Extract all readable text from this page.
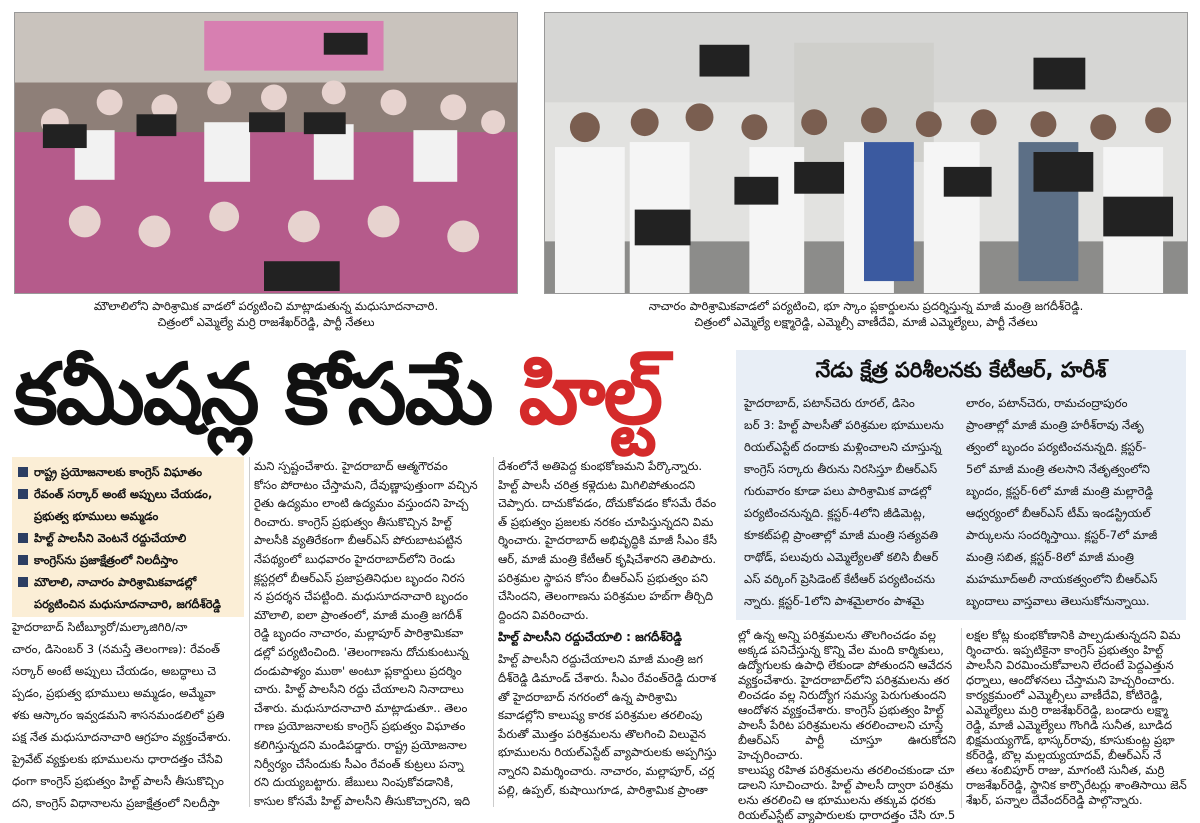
మౌలాలిలోని పారిశ్రామిక వాడలో పర్యటించి మాట్లాడుతున్న మధుసూదనాచారి.
చిత్రంలో ఎమ్మెల్యే మర్రి రాజశేఖర్‌రెడ్డి, పార్టీ నేతలు
నాచారం పారిశ్రామికవాడలో పర్యటించి, భూ స్కాం ప్లకార్డులను ప్రదర్శిస్తున్న మాజీ మంత్రి జగదీశ్‌రెడ్డి.
చిత్రంలో ఎమ్మెల్యే లక్ష్మారెడ్డి, ఎమ్మెల్సీ వాణీదేవి, మాజీ ఎమ్మెల్యేలు, పార్టీ నేతలు
కమీషన్ల కోసమే హిల్ట్	నేడు క్షేత్ర పరిశీలనకు కేటీఆర్, హరీశ్
హైదరాబాద్, పటాన్‌చెరు రూరల్, డిసెం
బర్ 3: హిల్ట్ పాలసీతో పరిశ్రమల భూములను
రియల్‌ఎస్టేట్ దందాకు మళ్లించాలని చూస్తున్న
కాంగ్రెస్ సర్కారు తీరును నిరసిస్తూ బీఆర్ఎస్
గురువారం కూడా పలు పారిశ్రామిక వాడల్లో
పర్యటించనున్నది. క్లస్టర్-4లోని జీడిమెట్ల,
కూకట్‌పల్లి ప్రాంతాల్లో మాజీ మంత్రి సత్యవతి
రాథోడ్, పలువురు ఎమ్మెల్యేలతో కలిసి బీఆర్
ఎస్ వర్కింగ్ ప్రెసిడెంట్ కేటీఆర్ పర్యటించను
న్నారు. క్లస్టర్-1లోని పాశమైలారం పాశమై
లారం, పటాన్‌చెరు, రామచంద్రాపురం
ప్రాంతాల్లో మాజీ మంత్రి హరీశ్‌రావు నేతృ
త్వంలో బృందం పర్యటించనున్నది. క్లస్టర్-
5లో మాజీ మంత్రి తలసాని నేతృత్వంలోని
బృందం, క్లస్టర్-6లో మాజీ మంత్రి మల్లారెడ్డి
ఆధ్వర్యంలో బీఆర్ఎస్ టీమ్ ఇండస్ట్రియల్
పార్కులను సందర్శిస్తాయి. క్లస్టర్-7లో మాజీ
మంత్రి సబిత, క్లస్టర్-8లో మాజీ మంత్రి
మహమూద్‌అలీ నాయకత్వంలోని బీఆర్ఎస్
బృందాలు వాస్తవాలు తెలుసుకోనున్నాయి.
రాష్ట్ర ప్రయోజనాలకు కాంగ్రెస్ విఘాతం
రేవంత్ సర్కార్ అంటే అప్పులు చేయడం,
ప్రభుత్వ భూములు అమ్మడం
హిల్ట్ పాలసీని వెంటనే రద్దుచేయాలి
కాంగ్రెస్‌ను ప్రజాక్షేత్రంలో నిలదీస్తాం
మౌలాలి, నాచారం పారిశ్రామికవాడల్లో
పర్యటించిన మధుసూదనాచారి, జగదీశ్‌రెడ్డి
హైదరాబాద్ సిటీబ్యూరో/మల్కాజిగిరి/నా
చారం, డిసెంబర్ 3 (నమస్తే తెలంగాణ): రేవంత్
సర్కార్ అంటే అప్పులు చేయడం, అబద్ధాలు చె
ప్పడం, ప్రభుత్వ భూములు అమ్మడం, అమ్మేవా
ళకు ఆస్కారం ఇవ్వడమని శాసనమండలిలో ప్రతి
పక్ష నేత మధుసూదనాచారి ఆగ్రహం వ్యక్తంచేశారు.
ప్రైవేట్ వ్యక్తులకు భూములను ధారాదత్తం చేసేవి
ధంగా కాంగ్రెస్ ప్రభుత్వం హిల్ట్ పాలసీ తీసుకొచ్చిం
దని, కాంగ్రెస్ విధానాలను ప్రజాక్షేత్రంలో నిలదీస్తా
మని స్పష్టంచేశారు. హైదరాబాద్ ఆత్మగౌరవం
కోసం పోరాటం చేస్తామని, దేవుణ్ణాపుత్తుంగా వచ్చిన
రైతు ఉద్యమం లాంటి ఉద్యమం వస్తుందని హెచ్చ
రించారు. కాంగ్రెస్ ప్రభుత్వం తీసుకొచ్చిన హిల్ట్
పాలసీకి వ్యతిరేకంగా బీఆర్ఎస్ పోరుబాటపట్టిన
నేపథ్యంలో బుధవారం హైదరాబాద్‌లోని రెండు
క్లస్టర్లలో బీఆర్ఎస్ ప్రజాప్రతినిధుల బృందం నిరస
న ప్రదర్శన చేపట్టింది. మధుసూదనాచారి బృందం
మౌలాలి, ఐలా ప్రాంతంలో, మాజీ మంత్రి జగదీశ్
రెడ్డి బృందం నాచారం, మల్లాపూర్ పారిశ్రామికవా
డల్లో పర్యటించింది. 'తెలంగాణను దోచుకుంటున్న
దండుపాళ్యం ముఠా' అంటూ ప్లకార్డులు ప్రదర్శిం
చారు. హిల్ట్ పాలసీని రద్దు చేయాలని నినాదాలు
చేశారు. మధుసూదనాచారి మాట్లాడుతూ.. తెలం
గాణ ప్రయోజనాలకు కాంగ్రెస్ ప్రభుత్వం విఘాతం
కలిగిస్తున్నదని మండిపడ్డారు. రాష్ట్ర ప్రయోజనాల
నిర్వీర్యం చేసేందుకు సీఎం రేవంత్ కుట్రలు పన్నా
రని దుయ్యబట్టారు. జేబులు నింపుకోవడానికి,
కాసుల కోసమే హిల్ట్ పాలసీని తీసుకొచ్చారని, ఇది
దేశంలోనే అతిపెద్ద కుంభకోణమని పేర్కొన్నారు.
హిల్ట్ పాలసీ చరిత్ర కళ్లెదుట మిగిలిపోతుందని
చెప్పారు. దాచుకోవడం, దోచుకోవడం కోసమే రేవం
త్ ప్రభుత్వం ప్రజలకు నరకం చూపిస్తున్నదని విమ
ర్శించారు. హైదరాబాద్ అభివృద్ధికి మాజీ సీఎం కేసీ
ఆర్, మాజీ మంత్రి కేటీఆర్ కృషిచేశారని తెలిపారు.
పరిశ్రమల స్థాపన కోసం బీఆర్ఎస్ ప్రభుత్వం పని
చేసిందని, తెలంగాణను పరిశ్రమల హబ్‌గా తీర్చిది
ద్దిందని వివరించారు.
హిల్ట్ పాలసీని రద్దుచేయాలి : జగదీశ్‌రెడ్డి
హిల్ట్ పాలసీని రద్దుచేయాలని మాజీ మంత్రి జగ
దీశ్‌రెడ్డి డిమాండ్ చేశారు. సీఎం రేవంత్‌రెడ్డి దురాశ
తో హైదరాబాద్ నగరంలో ఉన్న పారిశ్రామి
కవాడల్లోని కాలుష్య కారక పరిశ్రమల తరలింపు
పేరుతో మొత్తం పరిశ్రమలను తొలగించి విలువైన
భూములను రియల్‌ఎస్టేట్ వ్యాపారులకు అప్పగిస్తు
న్నారని విమర్శించారు. నాచారం, మల్లాపూర్, చర్ల
పల్లి, ఉప్పల్, కుషాయిగూడ, పారిశ్రామిక ప్రాంతా
ల్లో ఉన్న అన్ని పరిశ్రమలను తొలగించడం వల్ల
అక్కడ పనిచేస్తున్న కొన్ని వేల మంది కార్మికులు,
ఉద్యోగులకు ఉపాధి లేకుండా పోతుందని ఆవేదన
వ్యక్తంచేశారు. హైదరాబాద్‌లోని పరిశ్రమలను తర
లించడం వల్ల నిరుద్యోగ సమస్య పెరుగుతుందని
ఆందోళన వ్యక్తంచేశారు. కాంగ్రెస్ ప్రభుత్వం హిల్ట్
పాలసీ పేరిట పరిశ్రమలను తరలించాలని చూస్తే
బీఆర్ఎస్ పార్టీ చూస్తూ ఊరుకోదని హెచ్చరించారు.
కాలుష్య రహిత పరిశ్రమలను తరలించకుండా చూ
డాలని సూచించారు. హిల్ట్ పాలసీ ద్వారా పరిశ్రమ
లను తరలించి ఆ భూములను తక్కువ ధరకు
రియల్‌ఎస్టేట్ వ్యాపారులకు ధారాదత్తం చేసి రూ.5
లక్షల కోట్ల కుంభకోణానికి పాల్పడుతున్నదని విమ
ర్శించారు. ఇప్పటికైనా కాంగ్రెస్ ప్రభుత్వం హిల్ట్
పాలసీని విరమించుకోవాలని లేదంటే పెద్దఎత్తున
ధర్నాలు, ఆందోళనలు చేస్తామని హెచ్చరించారు.
కార్యక్రమంలో ఎమ్మెల్సీలు వాణీదేవి, కోటిరెడ్డి,
ఎమ్మెల్యేలు మర్రి రాజశేఖర్‌రెడ్డి, బండారు లక్ష్మా
రెడ్డి, మాజీ ఎమ్మెల్యేలు గొంగిడి సునీత, బూడిద
భిక్షమయ్యగౌడ్, భాస్కర్‌రావు, కూసుకుంట్ల ప్రభా
కర్‌రెడ్డి, బొల్ల మల్లయ్యయాదవ్, బీఆర్ఎస్ నే
తలు శంబిపూర్ రాజు, మాగంటి సునీత, మర్రి
రాజశేఖర్‌రెడ్డి, స్థానిక కార్పొరేటర్లు శాంతిసాయి జెన్
శేఖర్, పన్నాల దేవేందర్‌రెడ్డి పాల్గొన్నారు.
